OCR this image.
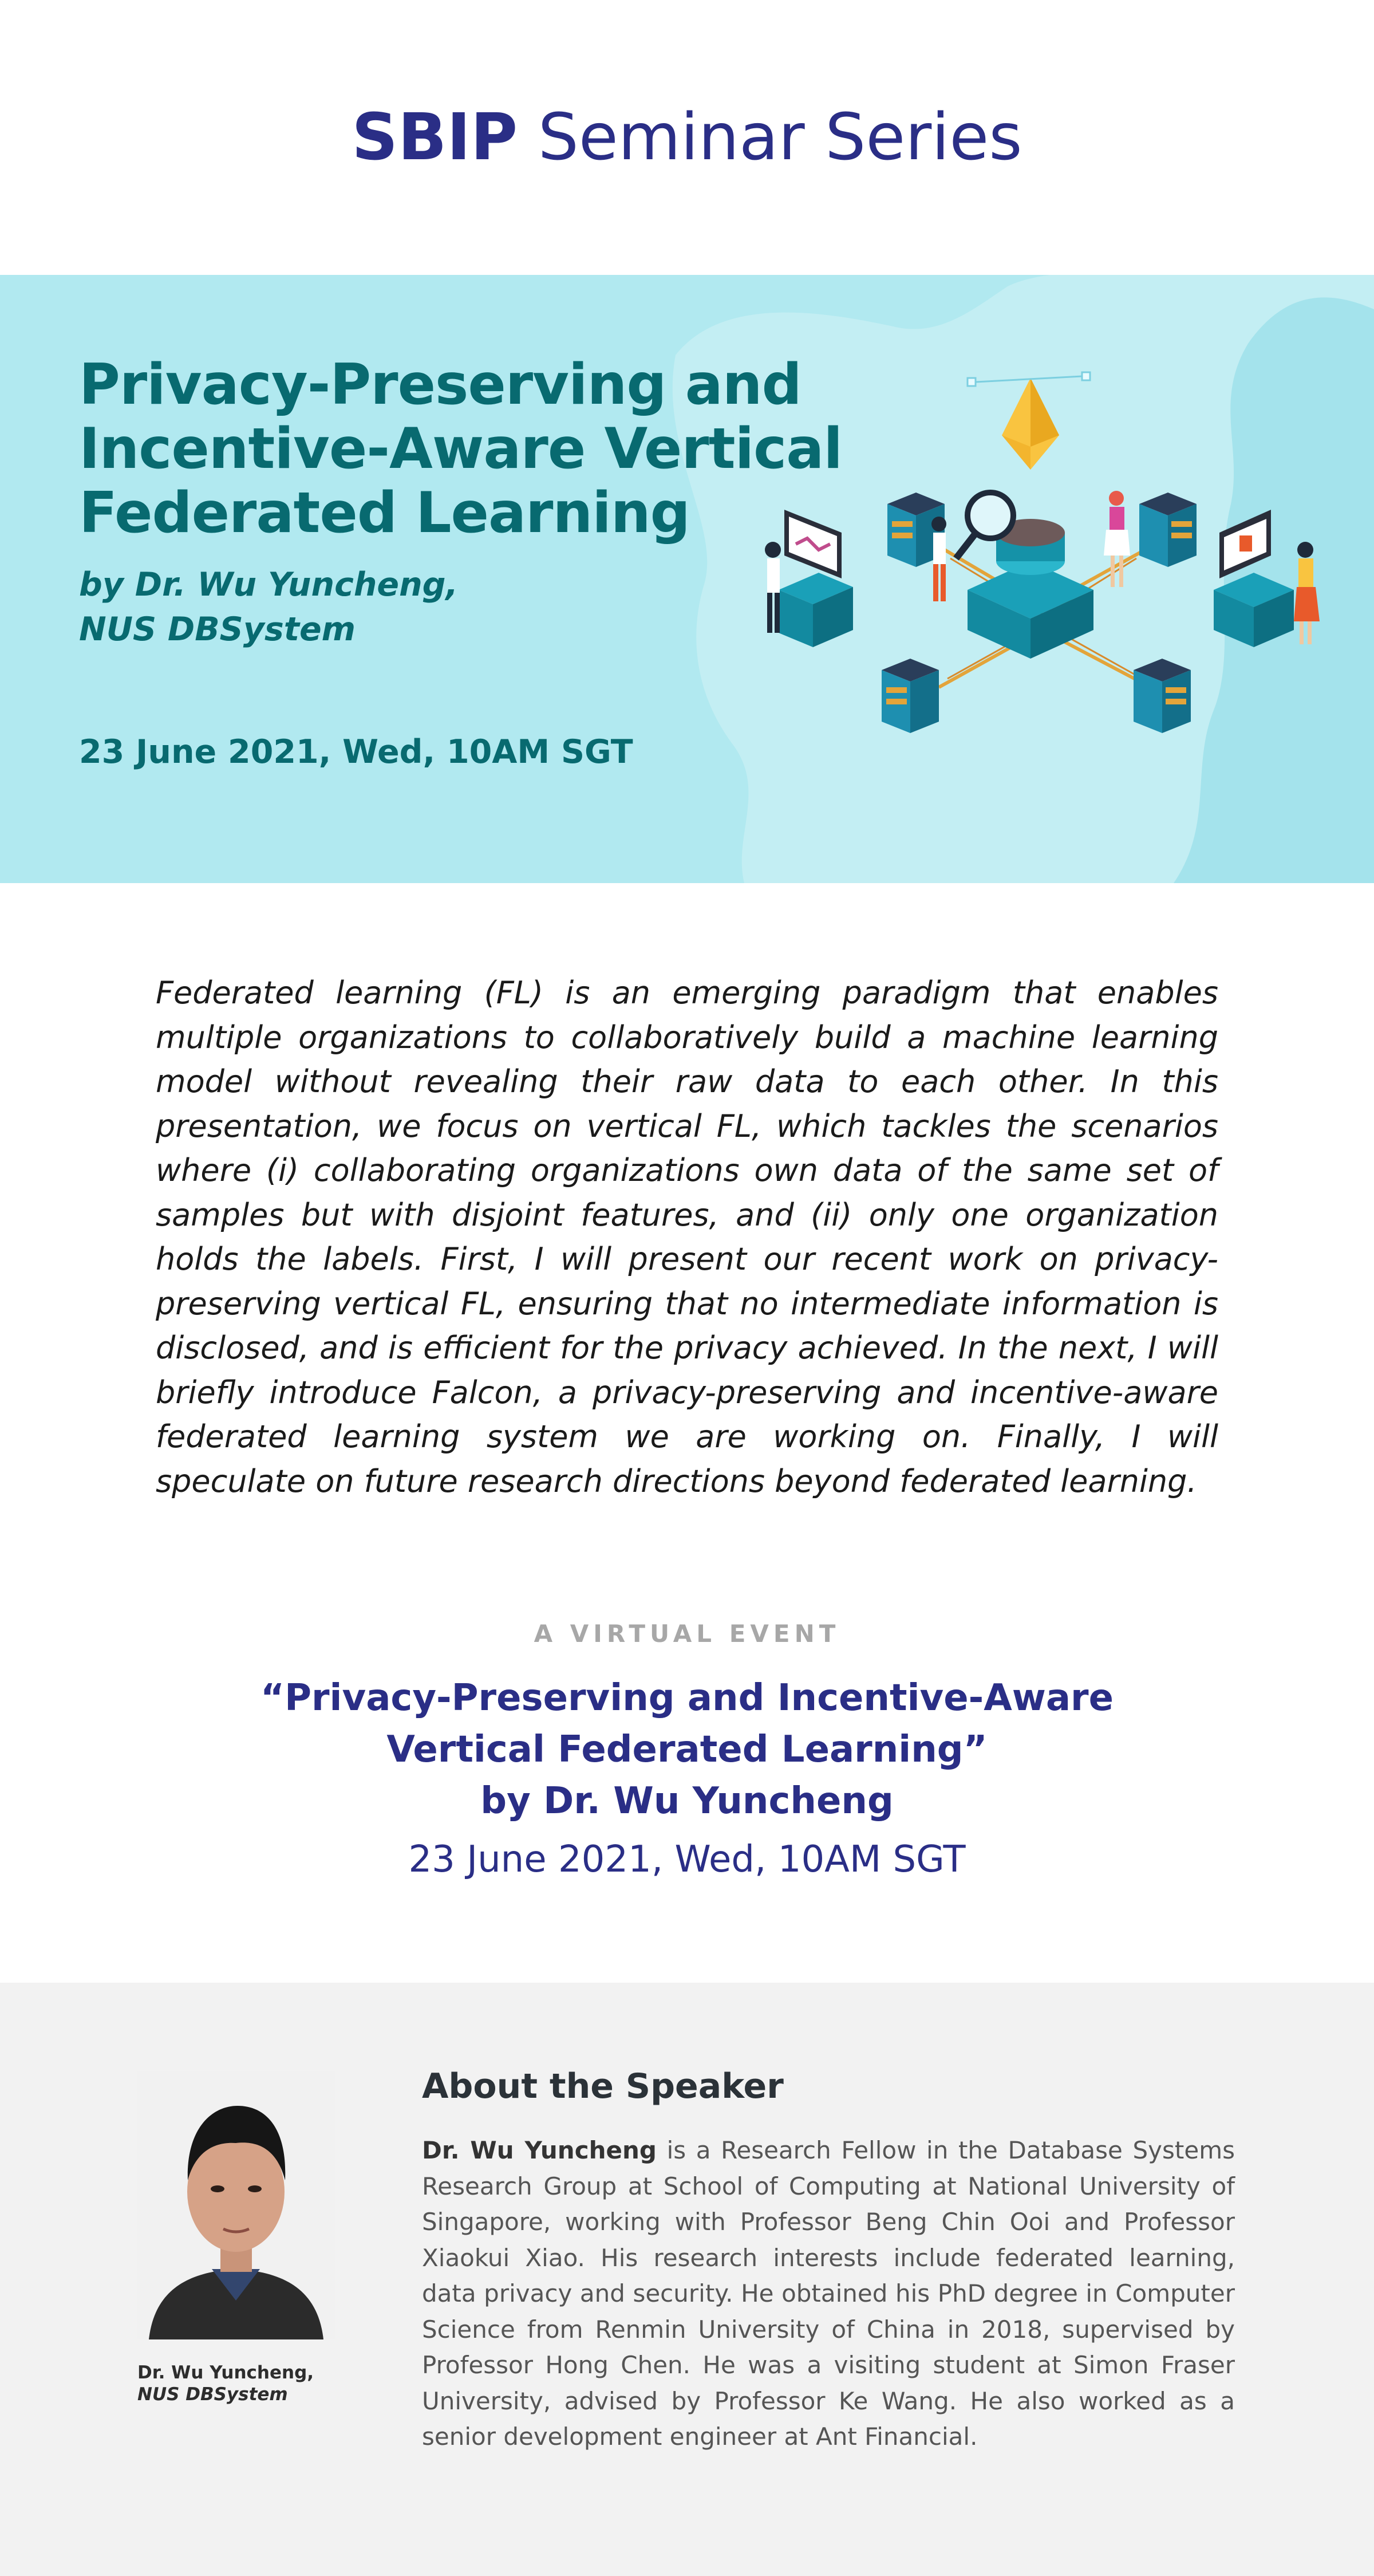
SBIP Seminar Series
Privacy-Preserving and
Incentive-Aware Vertical
Federated Learning
by Dr. Wu Yuncheng,
NUS DBSystem
23 June 2021, Wed, 10AM SGT
Federated learning (FL) is an emerging paradigm that enables multiple organizations to collaboratively build a machine learning model without revealing their raw data to each other. In this presentation, we focus on vertical FL, which tackles the scenarios where (i) collaborating organizations own data of the same set of samples but with disjoint features, and (ii) only one organization holds the labels. First, I will present our recent work on privacy-preserving vertical FL, ensuring that no intermediate information is disclosed, and is efficient for the privacy achieved. In the next, I will briefly introduce Falcon, a privacy-preserving and incentive-aware federated learning system we are working on. Finally, I will speculate on future research directions beyond federated learning.
A VIRTUAL EVENT
“Privacy-Preserving and Incentive-Aware
Vertical Federated Learning”
by Dr. Wu Yuncheng
23 June 2021, Wed, 10AM SGT
Dr. Wu Yuncheng,
NUS DBSystem
About the Speaker
Dr. Wu Yuncheng is a Research Fellow in the Database Systems Research Group at School of Computing at National University of Singapore, working with Professor Beng Chin Ooi and Professor Xiaokui Xiao. His research interests include federated learning, data privacy and security. He obtained his PhD degree in Computer Science from Renmin University of China in 2018, supervised by Professor Hong Chen. He was a visiting student at Simon Fraser University, advised by Professor Ke Wang. He also worked as a senior development engineer at Ant Financial.
